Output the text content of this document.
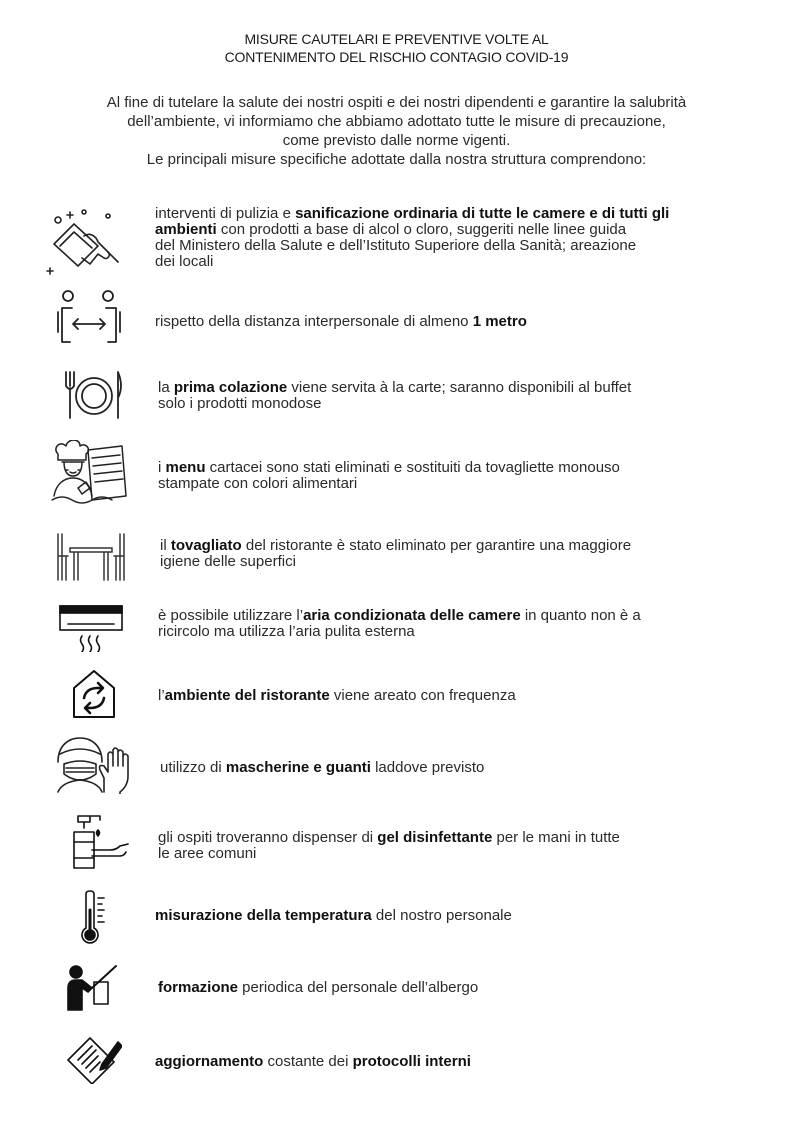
MISURE CAUTELARI E PREVENTIVE VOLTE AL
CONTENIMENTO DEL RISCHIO CONTAGIO COVID-19
Al fine di tutelare la salute dei nostri ospiti e dei nostri dipendenti e garantire la salubrità
dell’ambiente, vi informiamo che abbiamo adottato tutte le misure di precauzione,
come previsto dalle norme vigenti.
Le principali misure specifiche adottate dalla nostra struttura comprendono:
interventi di pulizia e sanificazione ordinaria di tutte le camere e di tutti gli
ambienti con prodotti a base di alcol o cloro, suggeriti nelle linee guida
del Ministero della Salute e dell’Istituto Superiore della Sanità; areazione
dei locali
rispetto della distanza interpersonale di almeno 1 metro
la prima colazione viene servita à la carte; saranno disponibili al buffet
solo i prodotti monodose
i menu cartacei sono stati eliminati e sostituiti da tovagliette monouso
stampate con colori alimentari
il tovagliato del ristorante è stato eliminato per garantire una maggiore
igiene delle superfici
è possibile utilizzare l’aria condizionata delle camere in quanto non è a
ricircolo ma utilizza l’aria pulita esterna
l’ambiente del ristorante viene areato con frequenza
utilizzo di mascherine e guanti laddove previsto
gli ospiti troveranno dispenser di gel disinfettante per le mani in tutte
le aree comuni
misurazione della temperatura del nostro personale
formazione periodica del personale dell’albergo
aggiornamento costante dei protocolli interni
